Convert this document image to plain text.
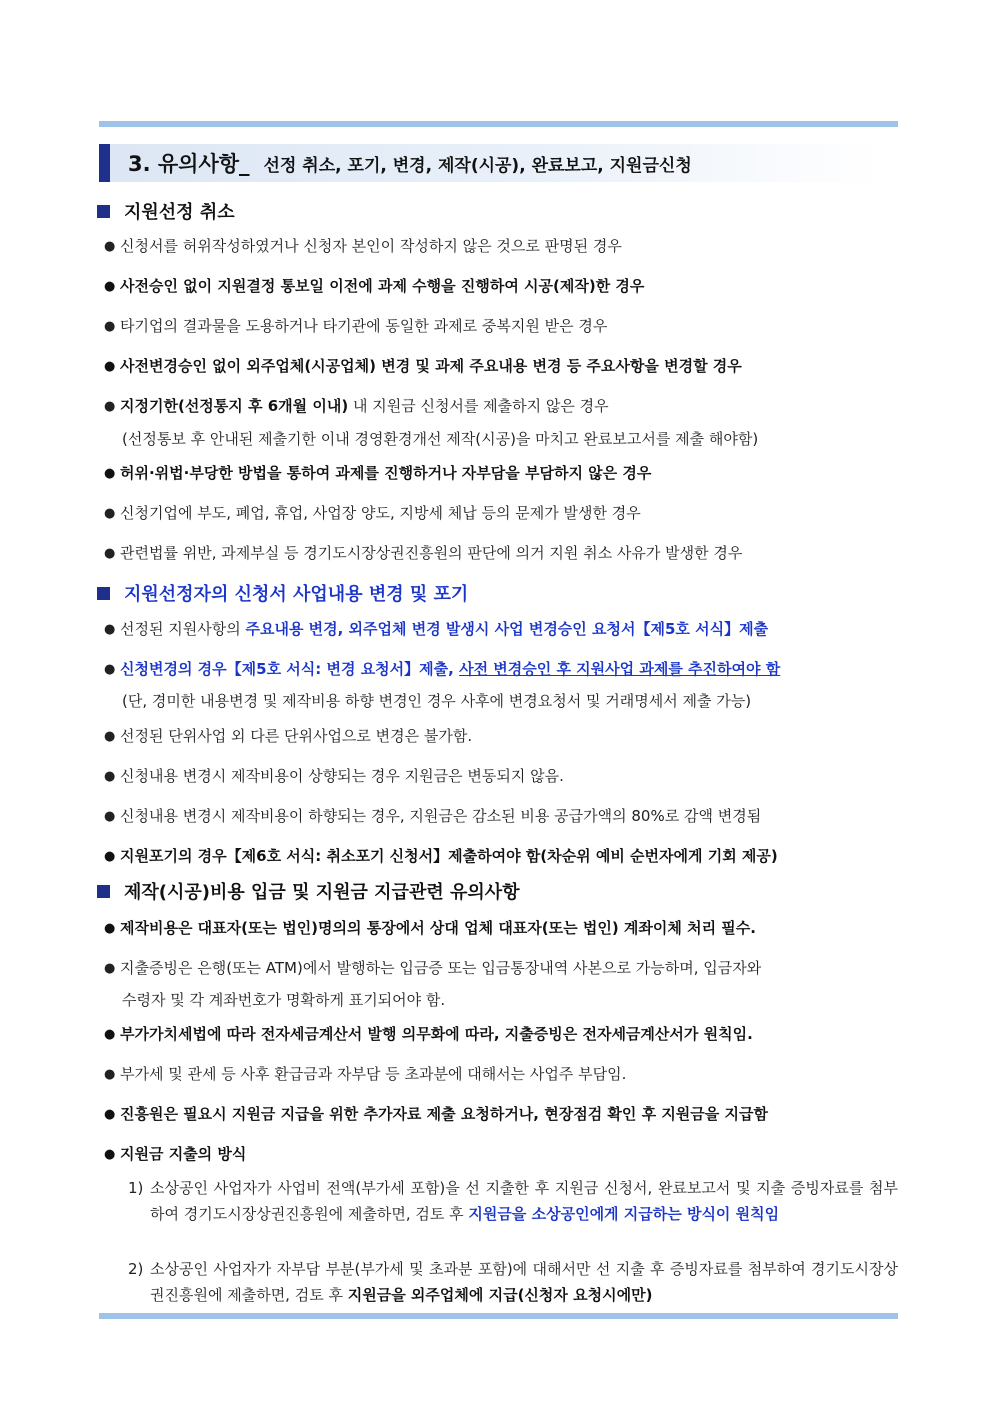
3. 유의사항_ 선정 취소, 포기, 변경, 제작(시공), 완료보고, 지원금신청
지원선정 취소
● 신청서를 허위작성하였거나 신청자 본인이 작성하지 않은 것으로 판명된 경우
● 사전승인 없이 지원결정 통보일 이전에 과제 수행을 진행하여 시공(제작)한 경우
● 타기업의 결과물을 도용하거나 타기관에 동일한 과제로 중복지원 받은 경우
● 사전변경승인 없이 외주업체(시공업체) 변경 및 과제 주요내용 변경 등 주요사항을 변경할 경우
● 지정기한(선정통지 후 6개월 이내) 내 지원금 신청서를 제출하지 않은 경우
(선정통보 후 안내된 제출기한 이내 경영환경개선 제작(시공)을 마치고 완료보고서를 제출 해야함)
● 허위·위법·부당한 방법을 통하여 과제를 진행하거나 자부담을 부담하지 않은 경우
● 신청기업에 부도, 폐업, 휴업, 사업장 양도, 지방세 체납 등의 문제가 발생한 경우
● 관련법률 위반, 과제부실 등 경기도시장상권진흥원의 판단에 의거 지원 취소 사유가 발생한 경우
지원선정자의 신청서 사업내용 변경 및 포기
● 선정된 지원사항의 주요내용 변경, 외주업체 변경 발생시 사업 변경승인 요청서【제5호 서식】제출
● 신청변경의 경우【제5호 서식: 변경 요청서】제출, 사전 변경승인 후 지원사업 과제를 추진하여야 함
(단, 경미한 내용변경 및 제작비용 하향 변경인 경우 사후에 변경요청서 및 거래명세서 제출 가능)
● 선정된 단위사업 외 다른 단위사업으로 변경은 불가함.
● 신청내용 변경시 제작비용이 상향되는 경우 지원금은 변동되지 않음.
● 신청내용 변경시 제작비용이 하향되는 경우, 지원금은 감소된 비용 공급가액의 80%로 감액 변경됨
● 지원포기의 경우【제6호 서식: 취소포기 신청서】제출하여야 함(차순위 예비 순번자에게 기회 제공)
제작(시공)비용 입금 및 지원금 지급관련 유의사항
● 제작비용은 대표자(또는 법인)명의의 통장에서 상대 업체 대표자(또는 법인) 계좌이체 처리 필수.
● 지출증빙은 은행(또는 ATM)에서 발행하는 입금증 또는 입금통장내역 사본으로 가능하며, 입금자와
수령자 및 각 계좌번호가 명확하게 표기되어야 함.
● 부가가치세법에 따라 전자세금계산서 발행 의무화에 따라, 지출증빙은 전자세금계산서가 원칙임.
● 부가세 및 관세 등 사후 환급금과 자부담 등 초과분에 대해서는 사업주 부담임.
● 진흥원은 필요시 지원금 지급을 위한 추가자료 제출 요청하거나, 현장점검 확인 후 지원금을 지급함
● 지원금 지출의 방식
1) 소상공인 사업자가 사업비 전액(부가세 포함)을 선 지출한 후 지원금 신청서, 완료보고서 및 지출 증빙자료를 첨부하여 경기도시장상권진흥원에 제출하면, 검토 후 지원금을 소상공인에게 지급하는 방식이 원칙임
2) 소상공인 사업자가 자부담 부분(부가세 및 초과분 포함)에 대해서만 선 지출 후 증빙자료를 첨부하여 경기도시장상권진흥원에 제출하면, 검토 후 지원금을 외주업체에 지급(신청자 요청시에만)
